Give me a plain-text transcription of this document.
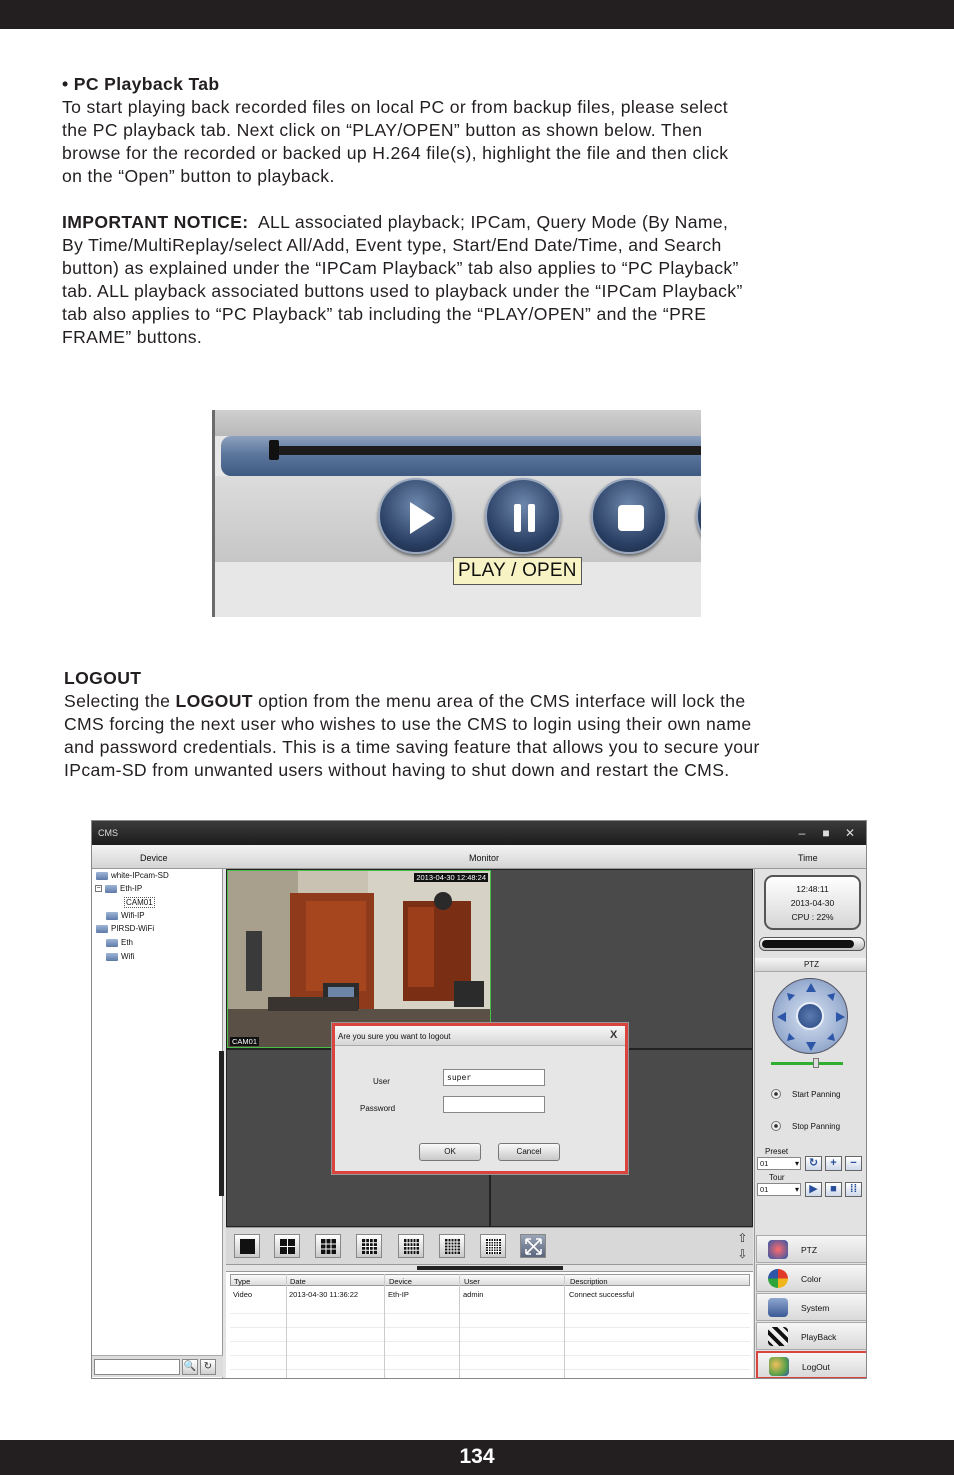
• PC Playback Tab
To start playing back recorded files on local PC or from backup files, please select
the PC playback tab. Next click on “PLAY/OPEN” button as shown below. Then
browse for the recorded or backed up H.264 file(s), highlight the file and then click
on the “Open” button to playback.
IMPORTANT NOTICE:  ALL associated playback; IPCam, Query Mode (By Name,
By Time/MultiReplay/select All/Add, Event type, Start/End Date/Time, and Search
button) as explained under the “IPCam Playback” tab also applies to “PC Playback”
tab. ALL playback associated buttons used to playback under the “IPCam Playback”
tab also applies to “PC Playback” tab including the “PLAY/OPEN” and the “PRE
FRAME” buttons.
PLAY / OPEN
LOGOUT
Selecting the LOGOUT option from the menu area of the CMS interface will lock the
CMS forcing the next user who wishes to use the CMS to login using their own name
and password credentials. This is a time saving feature that allows you to secure your
IPcam-SD from unwanted users without having to shut down and restart the CMS.
CMS	–	■ ✕
Device	Monitor	Time
white-IPcam-SD
− Eth-IP
CAM01
Wifi-IP
PIRSD-WiFi
Eth
Wifi
🔍 ↻
2013-04-30 12:48:24
CAM01
Are you sure you want to logout	X
User
Password
super
OK	Cancel
⇧
⇩
Type	Date	Device	User	Description
Video	2013-04-30 11:36:22	Eth-IP	admin	Connect successful
12:48:11
2013-04-30
CPU : 22%
PTZ
Start Panning
Stop Panning
Preset
01 ▾	↻	+	−
Tour
01 ▾	▶	■	⁞⁞
PTZ
Color
System
PlayBack
LogOut
134
